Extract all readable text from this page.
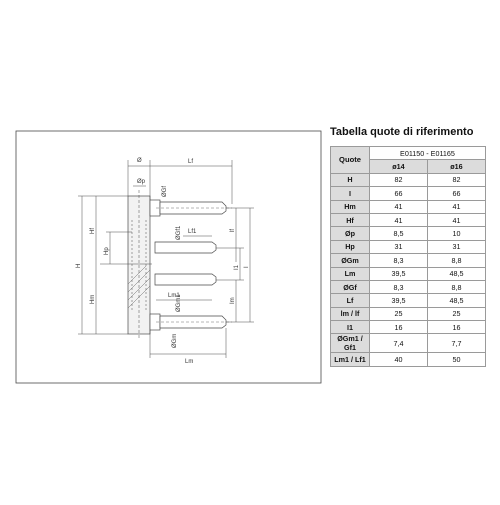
Lf
Ø
Øp
ØGf
ØGf1 Lf1	lf
I1 I
Im
H
Hf
Hp
Hm	Lm1
ØGm1
ØGm
Lm
Tabella quote di riferimento
Quote	E01150 - E01165	
	ø14	ø16
H	82	82
I	66	66
Hm	41	41
Hf	41	41
Øp	8,5	10
Hp	31	31
ØGm	8,3	8,8
Lm	39,5	48,5
ØGf	8,3	8,8
Lf	39,5	48,5
lm / lf	25	25
I1	16	16
ØGm1 / Gf1	7,4	7,7
Lm1 / Lf1	40	50
